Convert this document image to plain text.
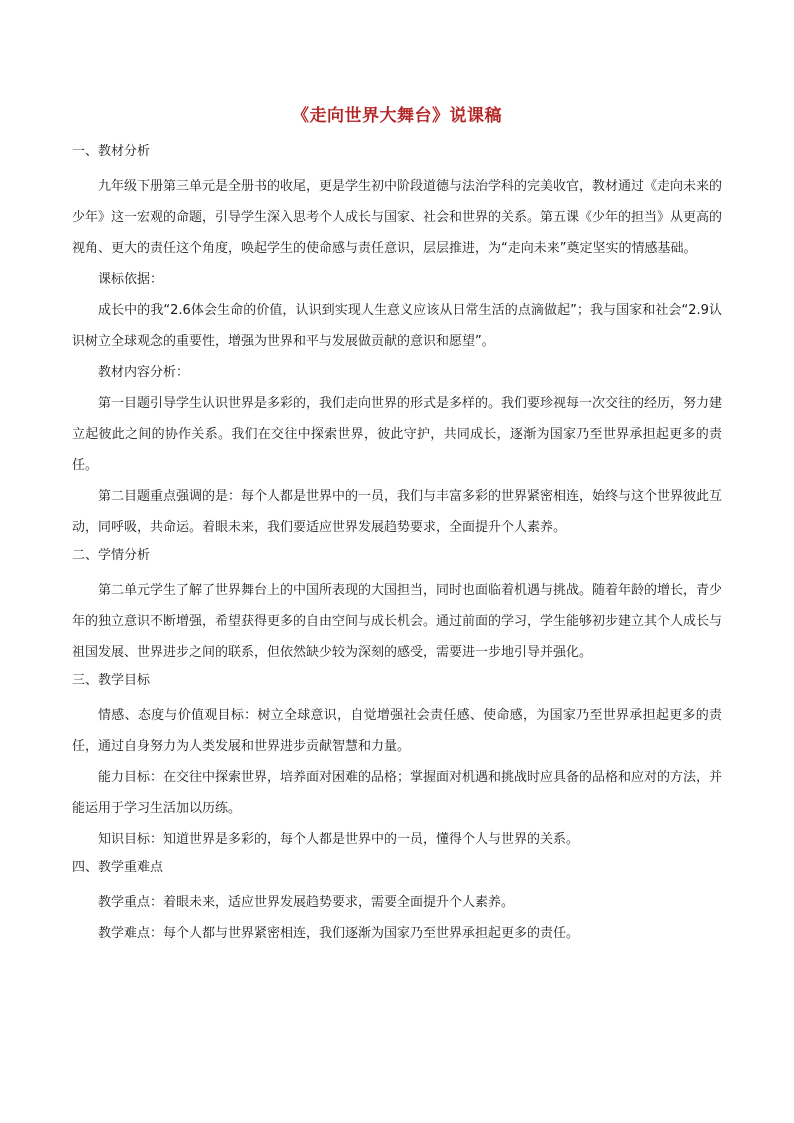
《走向世界大舞台》说课稿
一、教材分析

九年级下册第三单元是全册书的收尾，更是学生初中阶段道德与法治学科的完美收官，教材通过《走向未来的少年》这一宏观的命题，引导学生深入思考个人成长与国家、社会和世界的关系。第五课《少年的担当》从更高的视角、更大的责任这个角度，唤起学生的使命感与责任意识，层层推进，为“走向未来”奠定坚实的情感基础。

课标依据：

成长中的我“2.6体会生命的价值，认识到实现人生意义应该从日常生活的点滴做起”；我与国家和社会“2.9认识树立全球观念的重要性，增强为世界和平与发展做贡献的意识和愿望”。

教材内容分析：

第一目题引导学生认识世界是多彩的，我们走向世界的形式是多样的。我们要珍视每一次交往的经历，努力建立起彼此之间的协作关系。我们在交往中探索世界，彼此守护，共同成长，逐渐为国家乃至世界承担起更多的责任。

第二目题重点强调的是：每个人都是世界中的一员，我们与丰富多彩的世界紧密相连，始终与这个世界彼此互动，同呼吸，共命运。着眼未来，我们要适应世界发展趋势要求，全面提升个人素养。

二、学情分析

第二单元学生了解了世界舞台上的中国所表现的大国担当，同时也面临着机遇与挑战。随着年龄的增长，青少年的独立意识不断增强，希望获得更多的自由空间与成长机会。通过前面的学习，学生能够初步建立其个人成长与祖国发展、世界进步之间的联系，但依然缺少较为深刻的感受，需要进一步地引导并强化。

三、教学目标

情感、态度与价值观目标：树立全球意识，自觉增强社会责任感、使命感，为国家乃至世界承担起更多的责任，通过自身努力为人类发展和世界进步贡献智慧和力量。

能力目标：在交往中探索世界，培养面对困难的品格；掌握面对机遇和挑战时应具备的品格和应对的方法，并能运用于学习生活加以历练。

知识目标：知道世界是多彩的，每个人都是世界中的一员，懂得个人与世界的关系。

四、教学重难点

教学重点：着眼未来，适应世界发展趋势要求，需要全面提升个人素养。

教学难点：每个人都与世界紧密相连，我们逐渐为国家乃至世界承担起更多的责任。
